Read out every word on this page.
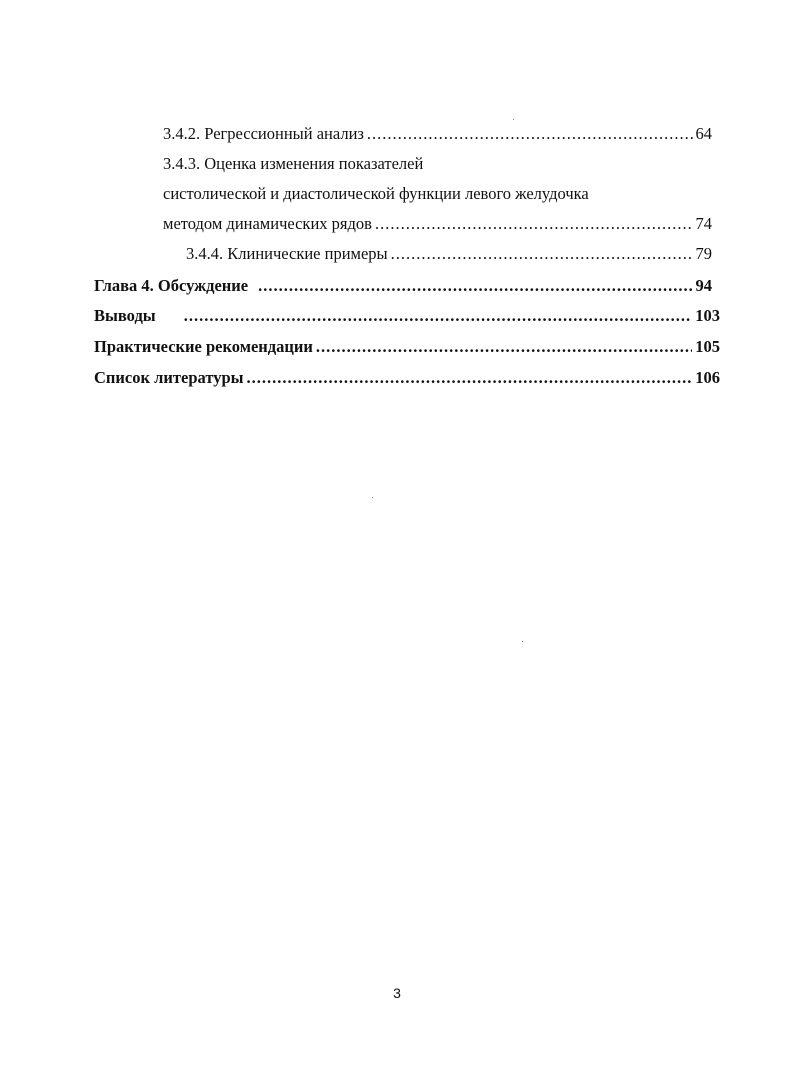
3.4.2. Регрессионный анализ .....	64
3.4.3. Оценка изменения показателей
систолической и диастолической функции левого желудочка
методом динамических рядов .....	74
3.4.4. Клинические примеры .....	79
Глава 4. Обсуждение .....	94
Выводы .....	103
Практические рекомендации .....	105
Список литературы .....	106
3
